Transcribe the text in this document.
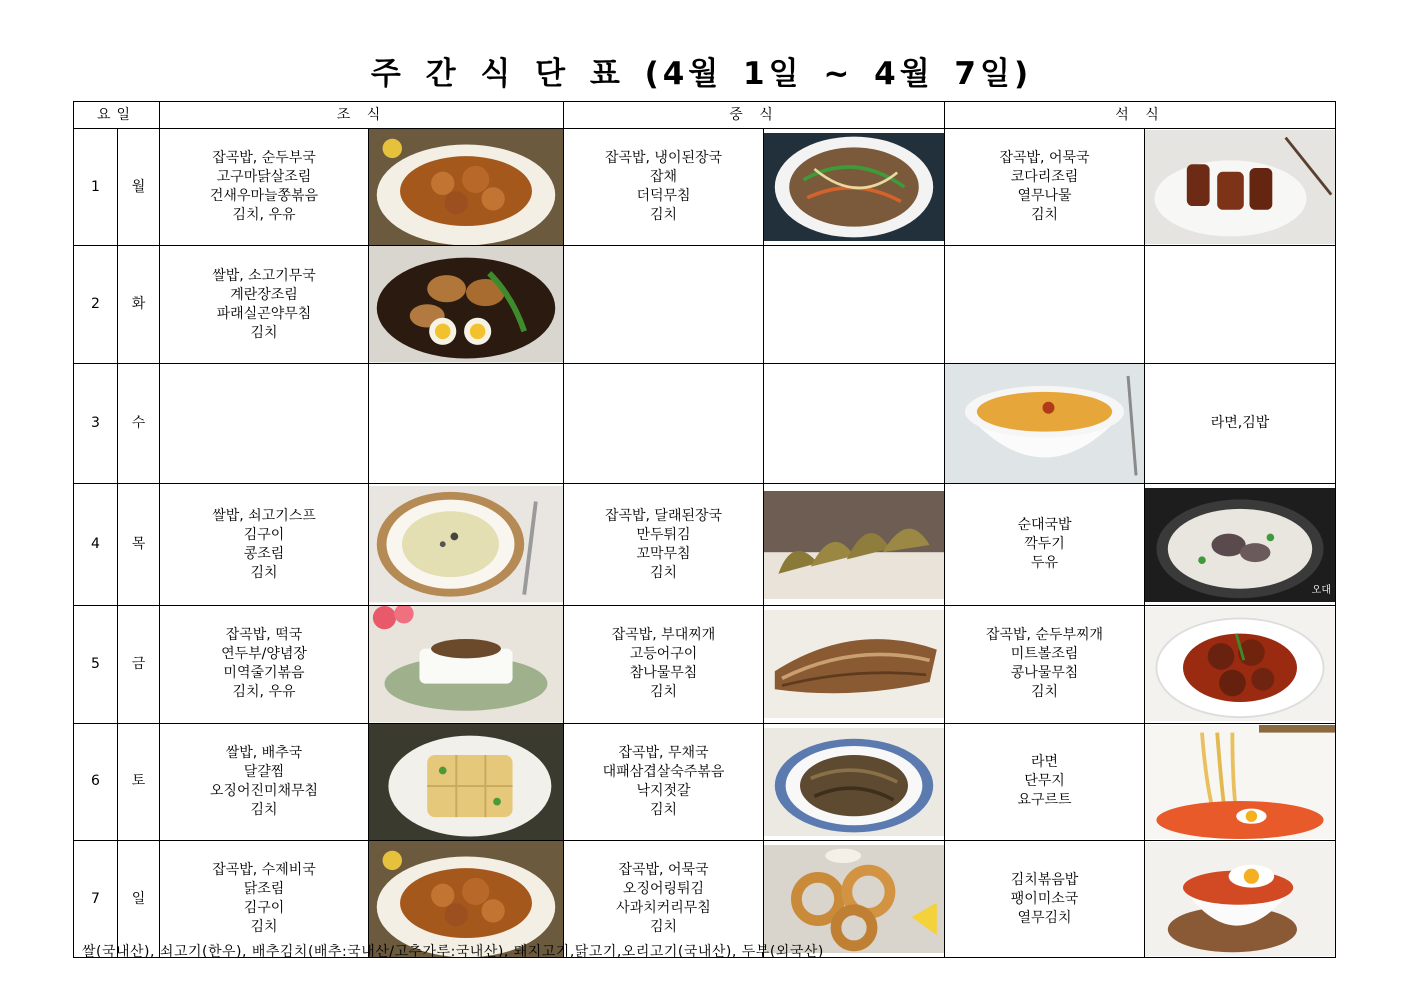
주 간 식 단 표 (4월 1일 ~ 4월 7일)
요일		조 식		중 식		석 식	
1	월	잡곡밥, 순두부국
고구마닭살조림
건새우마늘쫑볶음
김치, 우유		잡곡밥, 냉이된장국
잡채
더덕무침
김치		잡곡밥, 어묵국
코다리조림
열무나물
김치

2	화	쌀밥, 소고기무국
계란장조림
파래실곤약무침
김치

3	수						라면,김밥
4	목	쌀밥, 쇠고기스프
김구이
콩조림
김치		잡곡밥, 달래된장국
만두튀김
꼬막무침
김치		순대국밥
깍두기
두유	오대

5	금	잡곡밥, 떡국
연두부/양념장
미역줄기볶음
김치, 우유		잡곡밥, 부대찌개
고등어구이
참나물무침
김치		잡곡밥, 순두부찌개
미트볼조림
콩나물무침
김치

6	토	쌀밥, 배추국
달걀찜
오징어진미채무침
김치		잡곡밥, 무채국
대패삼겹살숙주볶음
낙지젓갈
김치		라면
단무지
요구르트

7	일	잡곡밥, 수제비국
닭조림
김구이
김치		잡곡밥, 어묵국
오징어링튀김
사과치커리무침
김치		김치볶음밥
팽이미소국
열무김치

쌀(국내산), 쇠고기(한우), 배추김치(배추:국내산/고추가루:국내산), 돼지고기,닭고기,오리고기(국내산), 두부(외국산)
